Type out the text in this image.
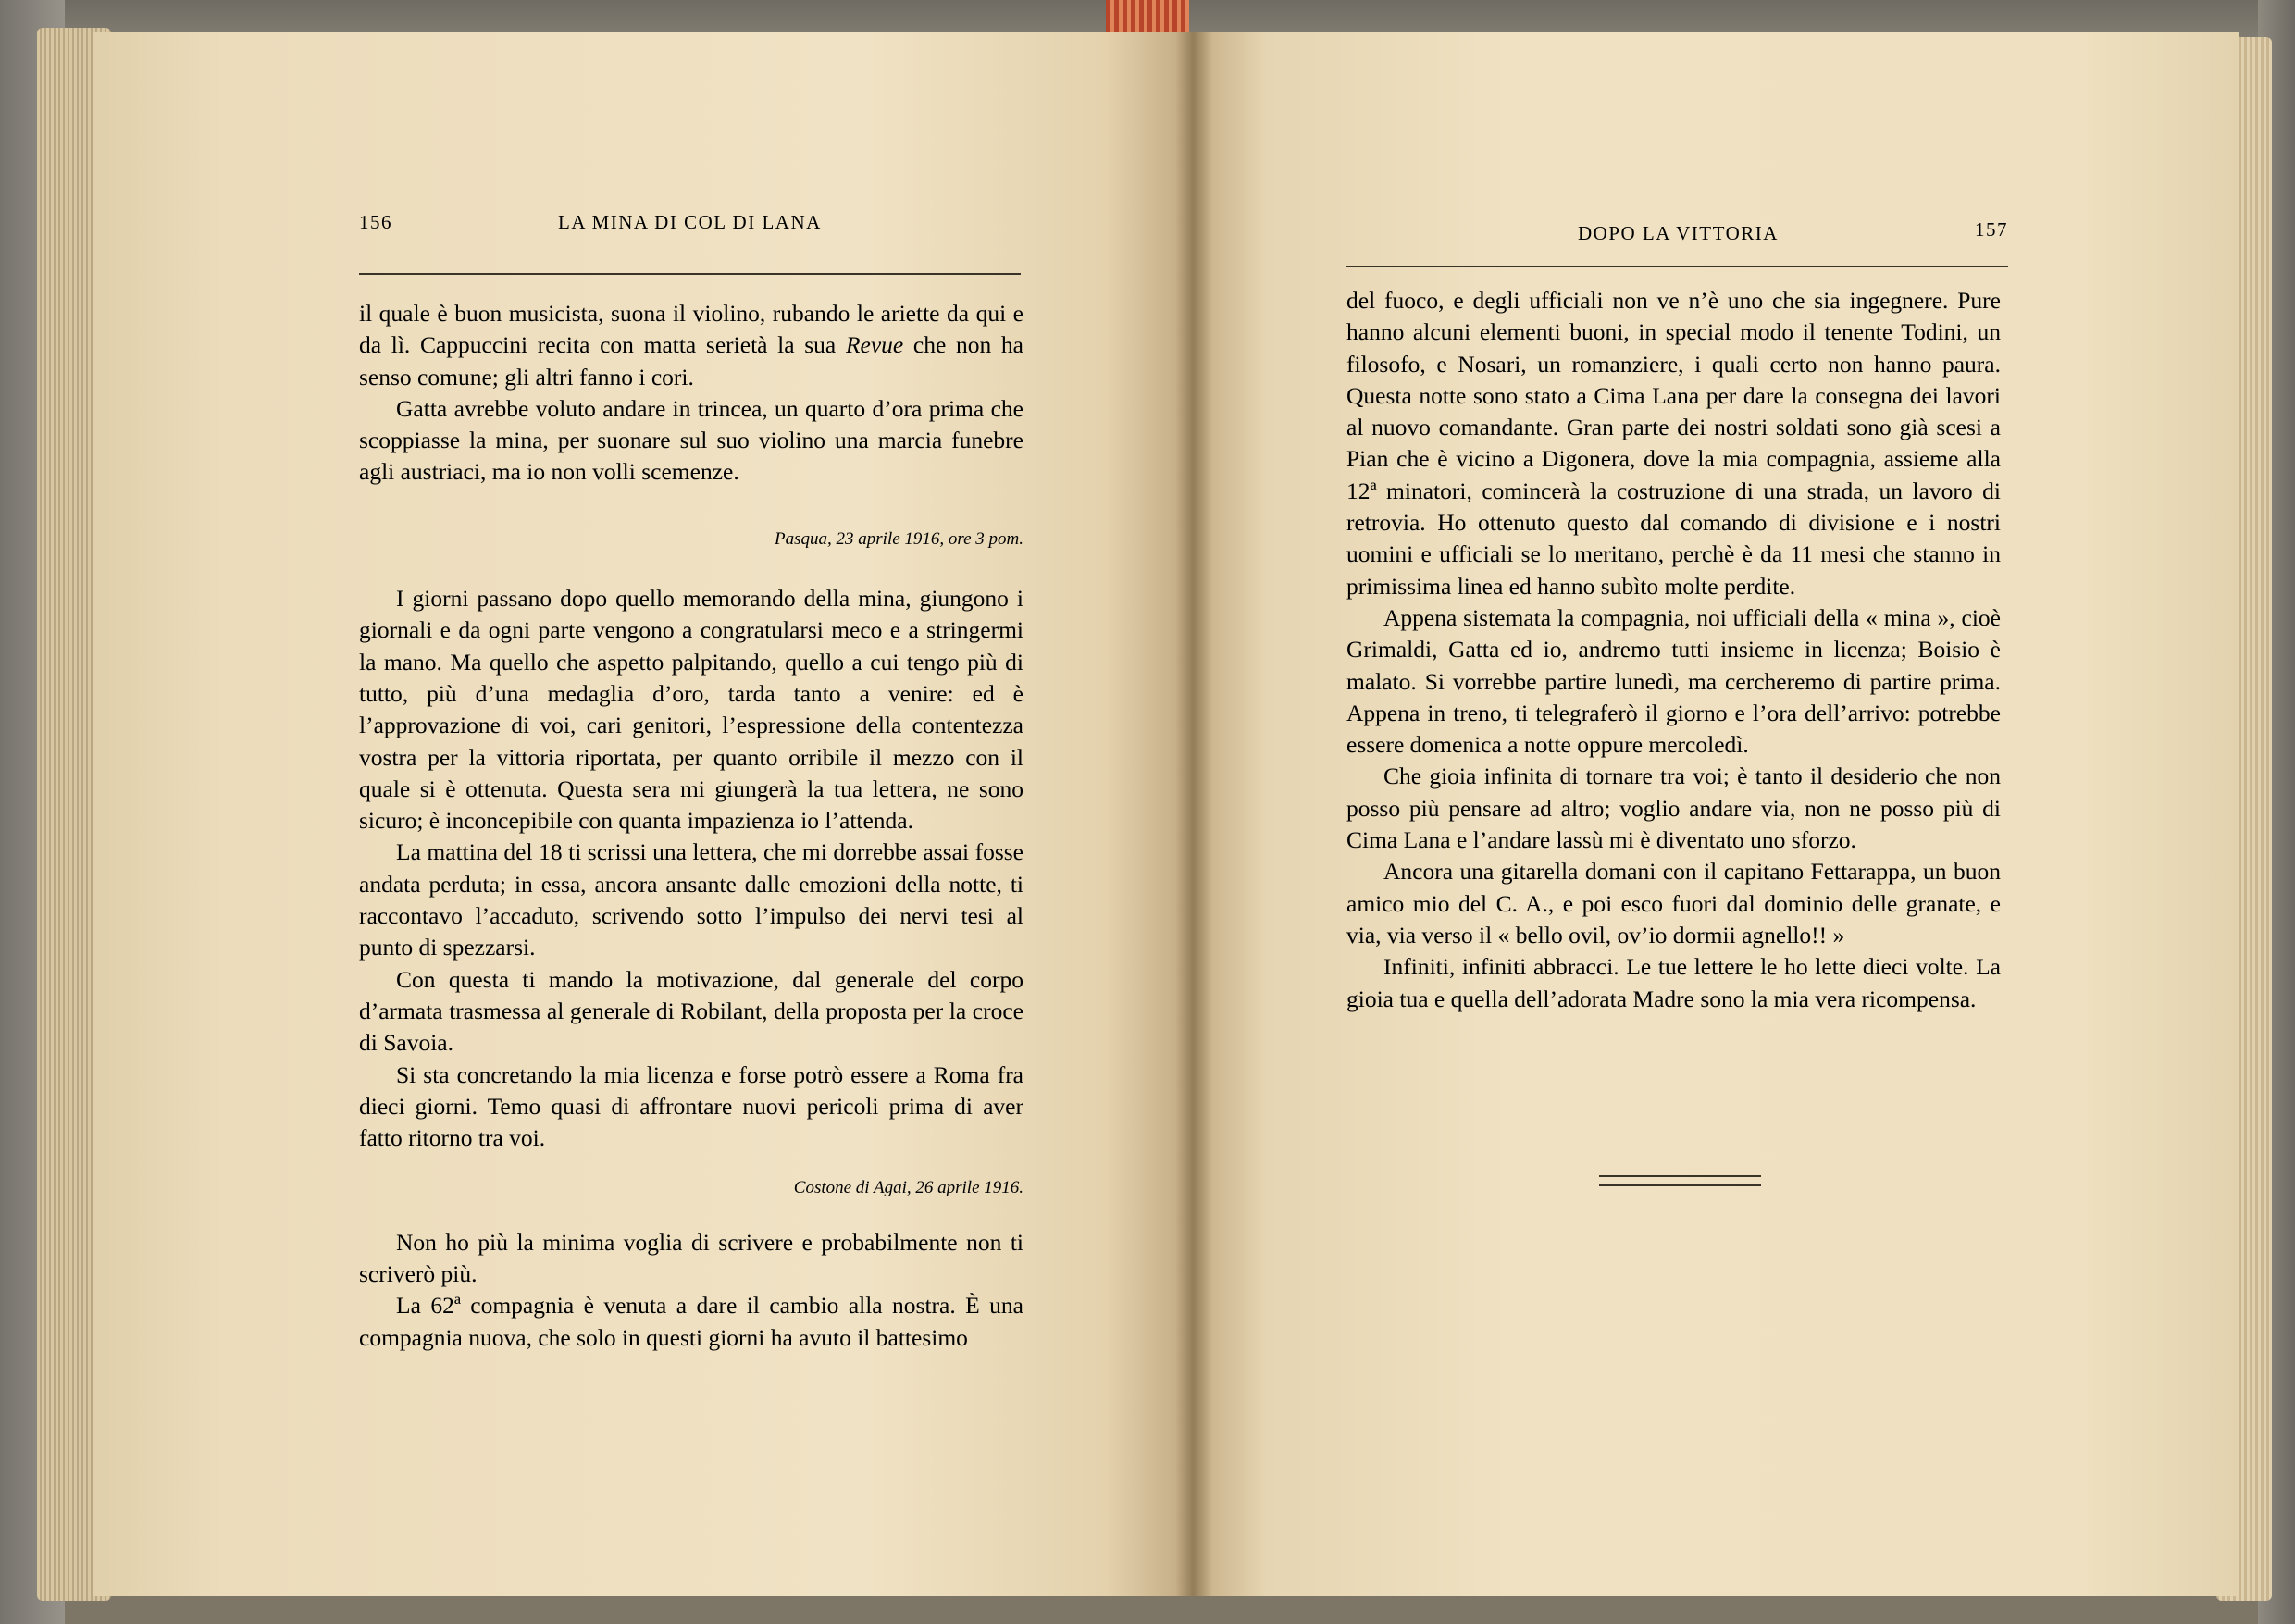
156	LA MINA DI COL DI LANA

il quale è buon musicista, suona il violino, rubando le ariette da qui e da lì. Cappuccini recita con matta serietà la sua Revue che non ha senso comune; gli altri fanno i cori.

Gatta avrebbe voluto andare in trincea, un quarto d’ora prima che scoppiasse la mina, per suonare sul suo violino una marcia funebre agli austriaci, ma io non volli scemenze.

Pasqua, 23 aprile 1916, ore 3 pom.

I giorni passano dopo quello memorando della mina, giungono i giornali e da ogni parte vengono a congratularsi meco e a stringermi la mano. Ma quello che aspetto palpitando, quello a cui tengo più di tutto, più d’una medaglia d’oro, tarda tanto a venire: ed è l’approvazione di voi, cari genitori, l’espressione della contentezza vostra per la vittoria riportata, per quanto orribile il mezzo con il quale si è ottenuta. Questa sera mi giungerà la tua lettera, ne sono sicuro; è inconcepibile con quanta impazienza io l’attenda.

La mattina del 18 ti scrissi una lettera, che mi dorrebbe assai fosse andata perduta; in essa, ancora ansante dalle emozioni della notte, ti raccontavo l’accaduto, scrivendo sotto l’impulso dei nervi tesi al punto di spezzarsi.

Con questa ti mando la motivazione, dal generale del corpo d’armata trasmessa al generale di Robilant, della proposta per la croce di Savoia.

Si sta concretando la mia licenza e forse potrò essere a Roma fra dieci giorni. Temo quasi di affrontare nuovi pericoli prima di aver fatto ritorno tra voi.

Costone di Agai, 26 aprile 1916.

Non ho più la minima voglia di scrivere e probabilmente non ti scriverò più.

La 62ª compagnia è venuta a dare il cambio alla nostra. È una compagnia nuova, che solo in questi giorni ha avuto il battesimo

DOPO LA VITTORIA	157

del fuoco, e degli ufficiali non ve n’è uno che sia ingegnere. Pure hanno alcuni elementi buoni, in special modo il tenente Todini, un filosofo, e Nosari, un romanziere, i quali certo non hanno paura. Questa notte sono stato a Cima Lana per dare la consegna dei lavori al nuovo comandante. Gran parte dei nostri soldati sono già scesi a Pian che è vicino a Digonera, dove la mia compagnia, assieme alla 12ª minatori, comincerà la costruzione di una strada, un lavoro di retrovia. Ho ottenuto questo dal comando di divisione e i nostri uomini e ufficiali se lo meritano, perchè è da 11 mesi che stanno in primissima linea ed hanno subìto molte perdite.

Appena sistemata la compagnia, noi ufficiali della « mina », cioè Grimaldi, Gatta ed io, andremo tutti insieme in licenza; Boisio è malato. Si vorrebbe partire lunedì, ma cercheremo di partire prima. Appena in treno, ti telegraferò il giorno e l’ora dell’arrivo: potrebbe essere domenica a notte oppure mercoledì.

Che gioia infinita di tornare tra voi; è tanto il desiderio che non posso più pensare ad altro; voglio andare via, non ne posso più di Cima Lana e l’andare lassù mi è diventato uno sforzo.

Ancora una gitarella domani con il capitano Fettarappa, un buon amico mio del C. A., e poi esco fuori dal dominio delle granate, e via, via verso il « bello ovil, ov’io dormii agnello!! »

Infiniti, infiniti abbracci. Le tue lettere le ho lette dieci volte. La gioia tua e quella dell’adorata Madre sono la mia vera ricompensa.
